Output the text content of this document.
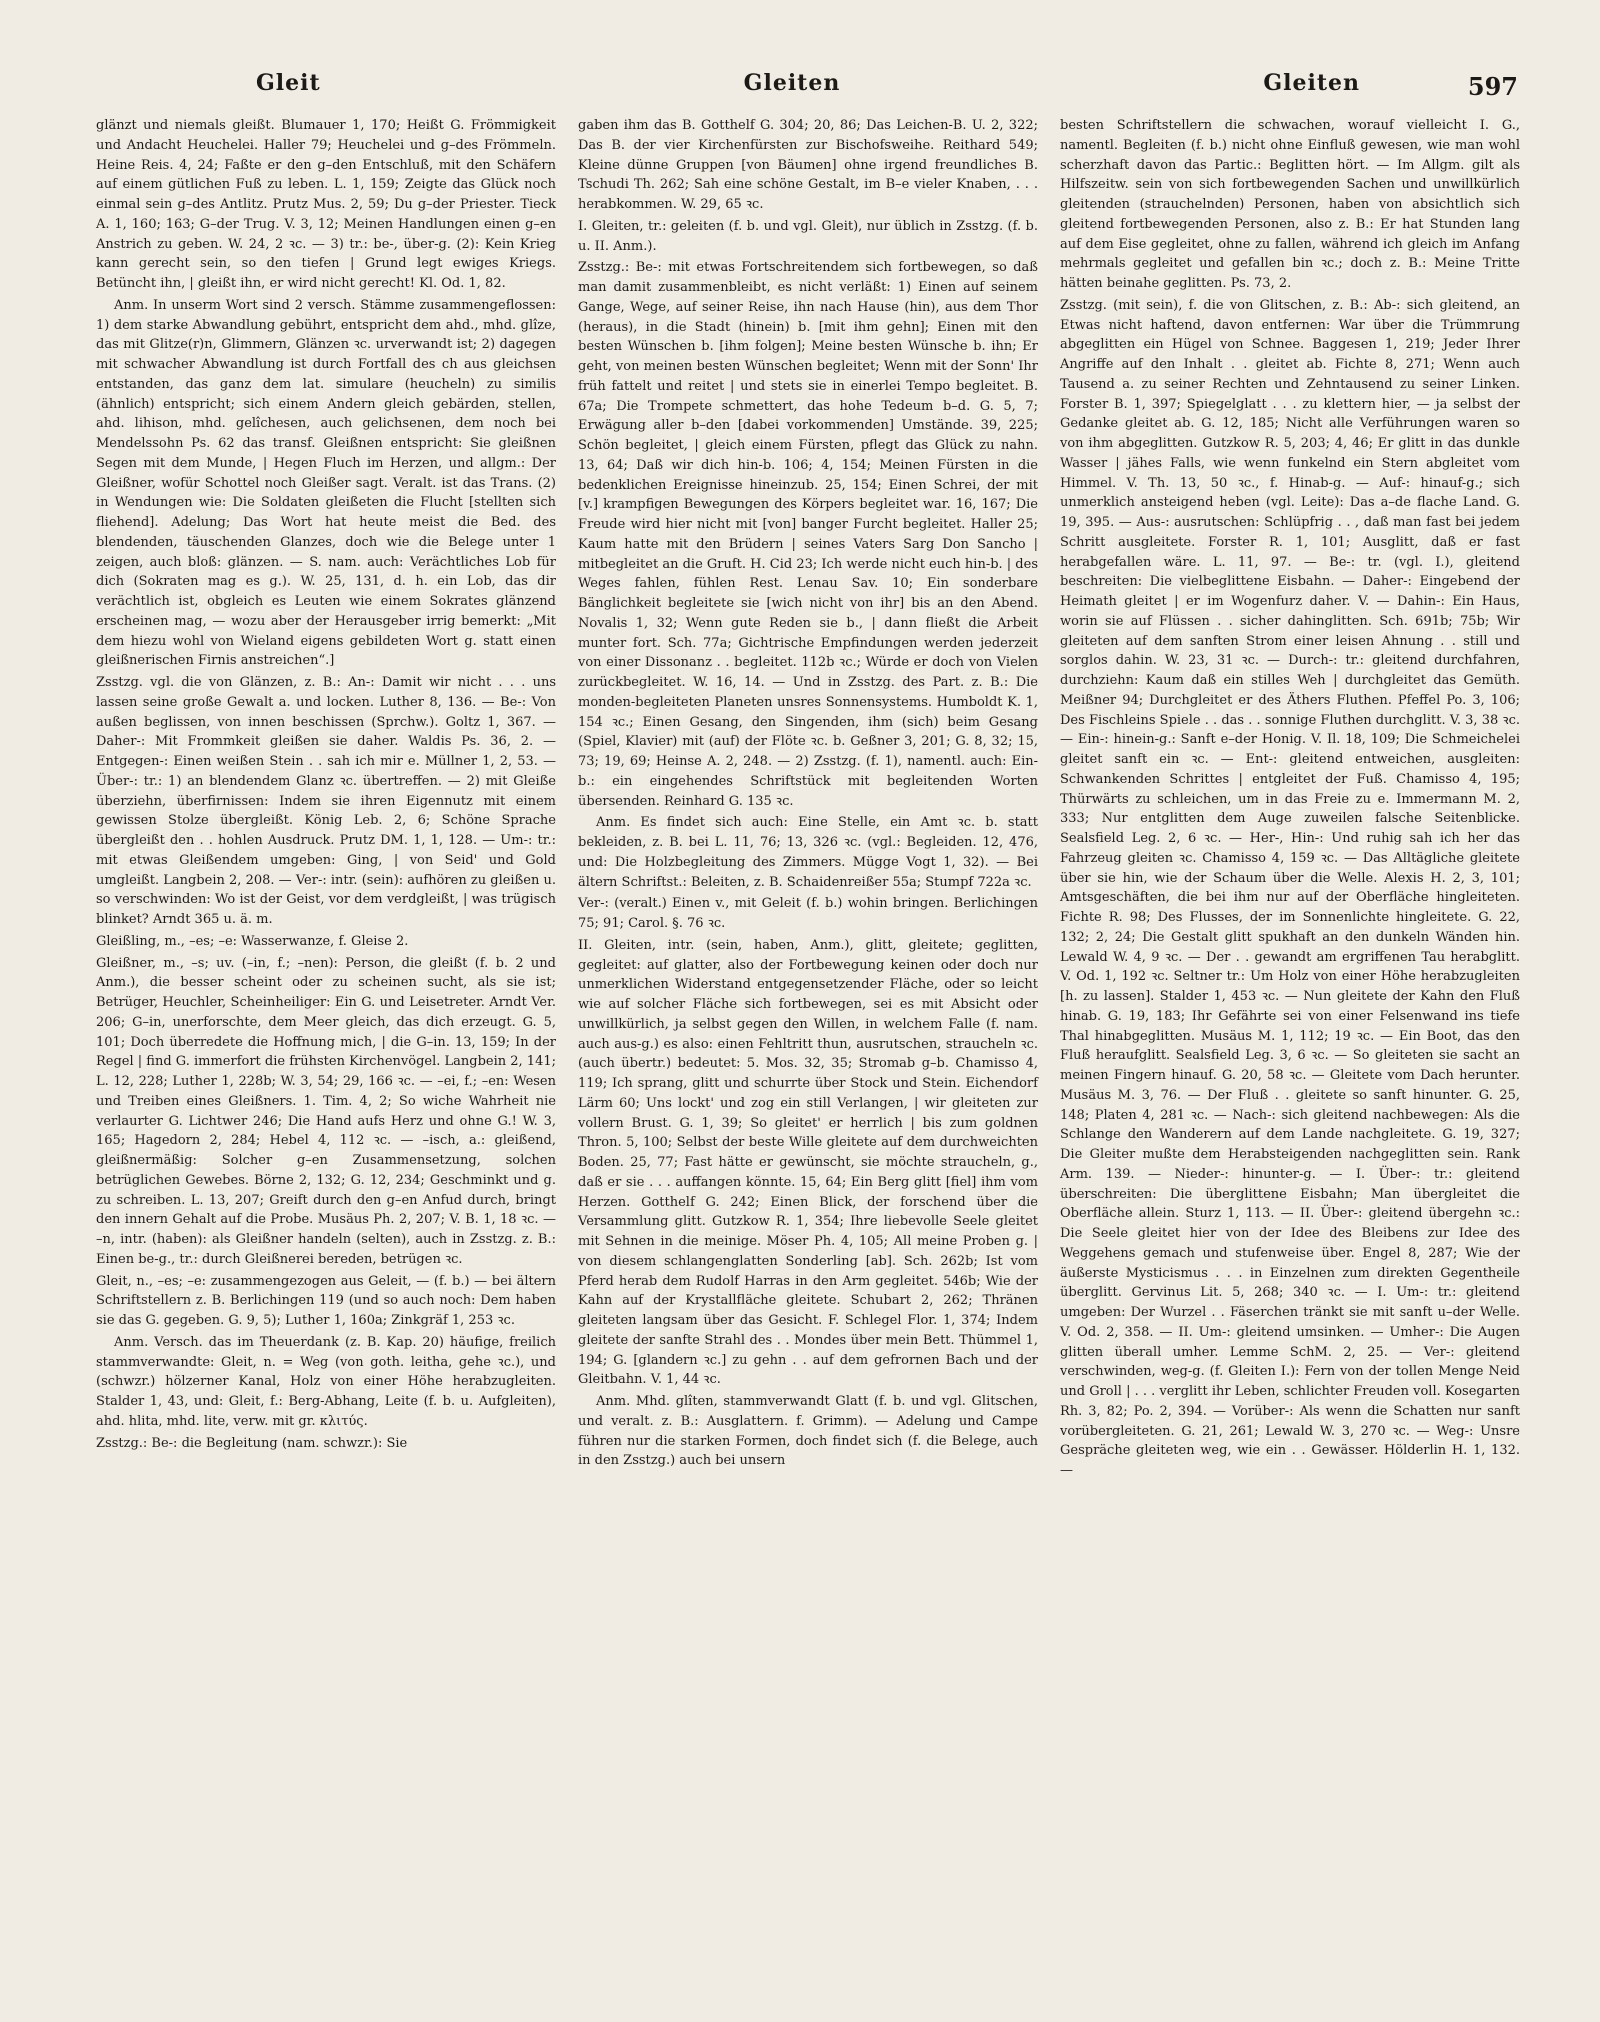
Gleit	Gleiten	Gleiten	597

glänzt und niemals gleißt. Blumauer 1, 170; Heißt G. Frömmigkeit und Andacht Heuchelei. Haller 79; Heuchelei und g–des Frömmeln. Heine Reis. 4, 24; Faßte er den g–den Entschluß, mit den Schäfern auf einem gütlichen Fuß zu leben. L. 1, 159; Zeigte das Glück noch einmal sein g–des Antlitz. Prutz Mus. 2, 59; Du g–der Priester. Tieck A. 1, 160; 163; G–der Trug. V. 3, 12; Meinen Handlungen einen g–en Anstrich zu geben. W. 24, 2 ꝛc. — 3) tr.: be-, über-g. (2): Kein Krieg kann gerecht sein, so den tiefen | Grund legt ewiges Kriegs. Betüncht ihn, | gleißt ihn, er wird nicht gerecht! Kl. Od. 1, 82.

Anm. In unserm Wort sind 2 versch. Stämme zusammengeflossen: 1) dem starke Abwandlung gebührt, entspricht dem ahd., mhd. glîze, das mit Glitze(r)n, Glimmern, Glänzen ꝛc. urverwandt ist; 2) dagegen mit schwacher Abwandlung ist durch Fortfall des ch aus gleichsen entstanden, das ganz dem lat. simulare (heucheln) zu similis (ähnlich) entspricht; sich einem Andern gleich gebärden, stellen, ahd. lihison, mhd. gelîchesen, auch gelichsenen, dem noch bei Mendelssohn Ps. 62 das transf. Gleißnen entspricht: Sie gleißnen Segen mit dem Munde, | Hegen Fluch im Herzen, und allgm.: Der Gleißner, wofür Schottel noch Gleißer sagt. Veralt. ist das Trans. (2) in Wendungen wie: Die Soldaten gleißeten die Flucht [stellten sich fliehend]. Adelung; Das Wort hat heute meist die Bed. des blendenden, täuschenden Glanzes, doch wie die Belege unter 1 zeigen, auch bloß: glänzen. — S. nam. auch: Verächtliches Lob für dich (Sokraten mag es g.). W. 25, 131, d. h. ein Lob, das dir verächtlich ist, obgleich es Leuten wie einem Sokrates glänzend erscheinen mag, — wozu aber der Herausgeber irrig bemerkt: „Mit dem hiezu wohl von Wieland eigens gebildeten Wort g. statt einen gleißnerischen Firnis anstreichen“.]

Zsstzg. vgl. die von Glänzen, z. B.: An-: Damit wir nicht . . . uns lassen seine große Gewalt a. und locken. Luther 8, 136. — Be-: Von außen beglissen, von innen beschissen (Sprchw.). Goltz 1, 367. — Daher-: Mit Frommkeit gleißen sie daher. Waldis Ps. 36, 2. — Entgegen-: Einen weißen Stein . . sah ich mir e. Müllner 1, 2, 53. — Über-: tr.: 1) an blendendem Glanz ꝛc. übertreffen. — 2) mit Gleiße überziehn, überfirnissen: Indem sie ihren Eigennutz mit einem gewissen Stolze übergleißt. König Leb. 2, 6; Schöne Sprache übergleißt den . . hohlen Ausdruck. Prutz DM. 1, 1, 128. — Um-: tr.: mit etwas Gleißendem umgeben: Ging, | von Seid' und Gold umgleißt. Langbein 2, 208. — Ver-: intr. (sein): aufhören zu gleißen u. so verschwinden: Wo ist der Geist, vor dem verdgleißt, | was trügisch blinket? Arndt 365 u. ä. m.

Gleißling, m., –es; –e: Wasserwanze, f. Gleise 2.

Gleißner, m., –s; uv. (–in, f.; –nen): Person, die gleißt (f. b. 2 und Anm.), die besser scheint oder zu scheinen sucht, als sie ist; Betrüger, Heuchler, Scheinheiliger: Ein G. und Leisetreter. Arndt Ver. 206; G–in, unerforschte, dem Meer gleich, das dich erzeugt. G. 5, 101; Doch überredete die Hoffnung mich, | die G–in. 13, 159; In der Regel | find G. immerfort die frühsten Kirchenvögel. Langbein 2, 141; L. 12, 228; Luther 1, 228b; W. 3, 54; 29, 166 ꝛc. — –ei, f.; –en: Wesen und Treiben eines Gleißners. 1. Tim. 4, 2; So wiche Wahrheit nie verlaurter G. Lichtwer 246; Die Hand aufs Herz und ohne G.! W. 3, 165; Hagedorn 2, 284; Hebel 4, 112 ꝛc. — –isch, a.: gleißend, gleißnermäßig: Solcher g–en Zusammensetzung, solchen betrüglichen Gewebes. Börne 2, 132; G. 12, 234; Geschminkt und g. zu schreiben. L. 13, 207; Greift durch den g–en Anfud durch, bringt den innern Gehalt auf die Probe. Musäus Ph. 2, 207; V. B. 1, 18 ꝛc. — –n, intr. (haben): als Gleißner handeln (selten), auch in Zsstzg. z. B.: Einen be-g., tr.: durch Gleißnerei bereden, betrügen ꝛc.

Gleit, n., –es; –e: zusammengezogen aus Geleit, — (f. b.) — bei ältern Schriftstellern z. B. Berlichingen 119 (und so auch noch: Dem haben sie das G. gegeben. G. 9, 5); Luther 1, 160a; Zinkgräf 1, 253 ꝛc.

Anm. Versch. das im Theuerdank (z. B. Kap. 20) häufige, freilich stammverwandte: Gleit, n. = Weg (von goth. leitha, gehe ꝛc.), und (schwzr.) hölzerner Kanal, Holz von einer Höhe herabzugleiten. Stalder 1, 43, und: Gleit, f.: Berg-Abhang, Leite (f. b. u. Aufgleiten), ahd. hlita, mhd. lite, verw. mit gr. κλιτύς.

Zsstzg.: Be-: die Begleitung (nam. schwzr.): Sie

gaben ihm das B. Gotthelf G. 304; 20, 86; Das Leichen-B. U. 2, 322; Das B. der vier Kirchenfürsten zur Bischofsweihe. Reithard 549; Kleine dünne Gruppen [von Bäumen] ohne irgend freundliches B. Tschudi Th. 262; Sah eine schöne Gestalt, im B–e vieler Knaben, . . . herabkommen. W. 29, 65 ꝛc.

I. Gleiten, tr.: geleiten (f. b. und vgl. Gleit), nur üblich in Zsstzg. (f. b. u. II. Anm.).

Zsstzg.: Be-: mit etwas Fortschreitendem sich fortbewegen, so daß man damit zusammenbleibt, es nicht verläßt: 1) Einen auf seinem Gange, Wege, auf seiner Reise, ihn nach Hause (hin), aus dem Thor (heraus), in die Stadt (hinein) b. [mit ihm gehn]; Einen mit den besten Wünschen b. [ihm folgen]; Meine besten Wünsche b. ihn; Er geht, von meinen besten Wünschen begleitet; Wenn mit der Sonn' Ihr früh fattelt und reitet | und stets sie in einerlei Tempo begleitet. B. 67a; Die Trompete schmettert, das hohe Tedeum b–d. G. 5, 7; Erwägung aller b–den [dabei vorkommenden] Umstände. 39, 225; Schön begleitet, | gleich einem Fürsten, pflegt das Glück zu nahn. 13, 64; Daß wir dich hin-b. 106; 4, 154; Meinen Fürsten in die bedenklichen Ereignisse hineinzub. 25, 154; Einen Schrei, der mit [v.] krampfigen Bewegungen des Körpers begleitet war. 16, 167; Die Freude wird hier nicht mit [von] banger Furcht begleitet. Haller 25; Kaum hatte mit den Brüdern | seines Vaters Sarg Don Sancho | mitbegleitet an die Gruft. H. Cid 23; Ich werde nicht euch hin-b. | des Weges fahlen, fühlen Rest. Lenau Sav. 10; Ein sonderbare Bänglichkeit begleitete sie [wich nicht von ihr] bis an den Abend. Novalis 1, 32; Wenn gute Reden sie b., | dann fließt die Arbeit munter fort. Sch. 77a; Gichtrische Empfindungen werden jederzeit von einer Dissonanz . . begleitet. 112b ꝛc.; Würde er doch von Vielen zurückbegleitet. W. 16, 14. — Und in Zsstzg. des Part. z. B.: Die monden-begleiteten Planeten unsres Sonnensystems. Humboldt K. 1, 154 ꝛc.; Einen Gesang, den Singenden, ihm (sich) beim Gesang (Spiel, Klavier) mit (auf) der Flöte ꝛc. b. Geßner 3, 201; G. 8, 32; 15, 73; 19, 69; Heinse A. 2, 248. — 2) Zsstzg. (f. 1), namentl. auch: Ein-b.: ein eingehendes Schriftstück mit begleitenden Worten übersenden. Reinhard G. 135 ꝛc.

Anm. Es findet sich auch: Eine Stelle, ein Amt ꝛc. b. statt bekleiden, z. B. bei L. 11, 76; 13, 326 ꝛc. (vgl.: Begleiden. 12, 476, und: Die Holzbegleitung des Zimmers. Mügge Vogt 1, 32). — Bei ältern Schriftst.: Beleiten, z. B. Schaidenreißer 55a; Stumpf 722a ꝛc.

Ver-: (veralt.) Einen v., mit Geleit (f. b.) wohin bringen. Berlichingen 75; 91; Carol. §. 76 ꝛc.

II. Gleiten, intr. (sein, haben, Anm.), glitt, gleitete; geglitten, gegleitet: auf glatter, also der Fortbewegung keinen oder doch nur unmerklichen Widerstand entgegensetzender Fläche, oder so leicht wie auf solcher Fläche sich fortbewegen, sei es mit Absicht oder unwillkürlich, ja selbst gegen den Willen, in welchem Falle (f. nam. auch aus-g.) es also: einen Fehltritt thun, ausrutschen, straucheln ꝛc. (auch übertr.) bedeutet: 5. Mos. 32, 35; Stromab g–b. Chamisso 4, 119; Ich sprang, glitt und schurrte über Stock und Stein. Eichendorf Lärm 60; Uns lockt' und zog ein still Verlangen, | wir gleiteten zur vollern Brust. G. 1, 39; So gleitet' er herrlich | bis zum goldnen Thron. 5, 100; Selbst der beste Wille gleitete auf dem durchweichten Boden. 25, 77; Fast hätte er gewünscht, sie möchte straucheln, g., daß er sie . . . auffangen könnte. 15, 64; Ein Berg glitt [fiel] ihm vom Herzen. Gotthelf G. 242; Einen Blick, der forschend über die Versammlung glitt. Gutzkow R. 1, 354; Ihre liebevolle Seele gleitet mit Sehnen in die meinige. Möser Ph. 4, 105; All meine Proben g. | von diesem schlangenglatten Sonderling [ab]. Sch. 262b; Ist vom Pferd herab dem Rudolf Harras in den Arm gegleitet. 546b; Wie der Kahn auf der Krystallfläche gleitete. Schubart 2, 262; Thränen gleiteten langsam über das Gesicht. F. Schlegel Flor. 1, 374; Indem gleitete der sanfte Strahl des . . Mondes über mein Bett. Thümmel 1, 194; G. [glandern ꝛc.] zu gehn . . auf dem gefrornen Bach und der Gleitbahn. V. 1, 44 ꝛc.

Anm. Mhd. glîten, stammverwandt Glatt (f. b. und vgl. Glitschen, und veralt. z. B.: Ausglattern. f. Grimm). — Adelung und Campe führen nur die starken Formen, doch findet sich (f. die Belege, auch in den Zsstzg.) auch bei unsern

besten Schriftstellern die schwachen, worauf vielleicht I. G., namentl. Begleiten (f. b.) nicht ohne Einfluß gewesen, wie man wohl scherzhaft davon das Partic.: Beglitten hört. — Im Allgm. gilt als Hilfszeitw. sein von sich fortbewegenden Sachen und unwillkürlich gleitenden (strauchelnden) Personen, haben von absichtlich sich gleitend fortbewegenden Personen, also z. B.: Er hat Stunden lang auf dem Eise gegleitet, ohne zu fallen, während ich gleich im Anfang mehrmals gegleitet und gefallen bin ꝛc.; doch z. B.: Meine Tritte hätten beinahe geglitten. Ps. 73, 2.

Zsstzg. (mit sein), f. die von Glitschen, z. B.: Ab-: sich gleitend, an Etwas nicht haftend, davon entfernen: War über die Trümmrung abgeglitten ein Hügel von Schnee. Baggesen 1, 219; Jeder Ihrer Angriffe auf den Inhalt . . gleitet ab. Fichte 8, 271; Wenn auch Tausend a. zu seiner Rechten und Zehntausend zu seiner Linken. Forster B. 1, 397; Spiegelglatt . . . zu klettern hier, — ja selbst der Gedanke gleitet ab. G. 12, 185; Nicht alle Verführungen waren so von ihm abgeglitten. Gutzkow R. 5, 203; 4, 46; Er glitt in das dunkle Wasser | jähes Falls, wie wenn funkelnd ein Stern abgleitet vom Himmel. V. Th. 13, 50 ꝛc., f. Hinab-g. — Auf-: hinauf-g.; sich unmerklich ansteigend heben (vgl. Leite): Das a–de flache Land. G. 19, 395. — Aus-: ausrutschen: Schlüpfrig . . , daß man fast bei jedem Schritt ausgleitete. Forster R. 1, 101; Ausglitt, daß er fast herabgefallen wäre. L. 11, 97. — Be-: tr. (vgl. I.), gleitend beschreiten: Die vielbeglittene Eisbahn. — Daher-: Eingebend der Heimath gleitet | er im Wogenfurz daher. V. — Dahin-: Ein Haus, worin sie auf Flüssen . . sicher dahinglitten. Sch. 691b; 75b; Wir gleiteten auf dem sanften Strom einer leisen Ahnung . . still und sorglos dahin. W. 23, 31 ꝛc. — Durch-: tr.: gleitend durchfahren, durchziehn: Kaum daß ein stilles Weh | durchgleitet das Gemüth. Meißner 94; Durchgleitet er des Äthers Fluthen. Pfeffel Po. 3, 106; Des Fischleins Spiele . . das . . sonnige Fluthen durchglitt. V. 3, 38 ꝛc. — Ein-: hinein-g.: Sanft e–der Honig. V. Il. 18, 109; Die Schmeichelei gleitet sanft ein ꝛc. — Ent-: gleitend entweichen, ausgleiten: Schwankenden Schrittes | entgleitet der Fuß. Chamisso 4, 195; Thürwärts zu schleichen, um in das Freie zu e. Immermann M. 2, 333; Nur entglitten dem Auge zuweilen falsche Seitenblicke. Sealsfield Leg. 2, 6 ꝛc. — Her-, Hin-: Und ruhig sah ich her das Fahrzeug gleiten ꝛc. Chamisso 4, 159 ꝛc. — Das Alltägliche gleitete über sie hin, wie der Schaum über die Welle. Alexis H. 2, 3, 101; Amtsgeschäften, die bei ihm nur auf der Oberfläche hinglеiteten. Fichte R. 98; Des Flusses, der im Sonnenlichte hingleitete. G. 22, 132; 2, 24; Die Gestalt glitt spukhaft an den dunkeln Wänden hin. Lewald W. 4, 9 ꝛc. — Der . . gewandt am ergriffenen Tau herabglitt. V. Od. 1, 192 ꝛc. Seltner tr.: Um Holz von einer Höhe herabzugleiten [h. zu lassen]. Stalder 1, 453 ꝛc. — Nun gleitete der Kahn den Fluß hinab. G. 19, 183; Ihr Gefährte sei von einer Felsenwand ins tiefe Thal hinabgeglitten. Musäus M. 1, 112; 19 ꝛc. — Ein Boot, das den Fluß heraufglitt. Sealsfield Leg. 3, 6 ꝛc. — So gleiteten sie sacht an meinen Fingern hinauf. G. 20, 58 ꝛc. — Gleitete vom Dach herunter. Musäus M. 3, 76. — Der Fluß . . gleitete so sanft hinunter. G. 25, 148; Platen 4, 281 ꝛc. — Nach-: sich gleitend nachbewegen: Als die Schlange den Wanderern auf dem Lande nachgleitete. G. 19, 327; Die Gleiter mußte dem Herabsteigenden nachgeglitten sein. Rank Arm. 139. — Nieder-: hinunter-g. — I. Über-: tr.: gleitend überschreiten: Die überglittene Eisbahn; Man überglеitet die Oberfläche allein. Sturz 1, 113. — II. Über-: gleitend übergehn ꝛc.: Die Seele gleitet hier von der Idee des Bleibens zur Idee des Weggehens gemach und stufenweise über. Engel 8, 287; Wie der äußerste Mysticismus . . . in Einzelnen zum direkten Gegentheile überglitt. Gervinus Lit. 5, 268; 340 ꝛc. — I. Um-: tr.: gleitend umgeben: Der Wurzel . . Fäserchen tränkt sie mit sanft u–der Welle. V. Od. 2, 358. — II. Um-: gleitend umsinken. — Umher-: Die Augen glitten überall umher. Lemme SchM. 2, 25. — Ver-: gleitend verschwinden, weg-g. (f. Gleiten I.): Fern von der tollen Menge Neid und Groll | . . . verglitt ihr Leben, schlichter Freuden voll. Kosegarten Rh. 3, 82; Po. 2, 394. — Vorüber-: Als wenn die Schatten nur sanft vorübergleiteten. G. 21, 261; Lewald W. 3, 270 ꝛc. — Weg-: Unsre Gespräche gleiteten weg, wie ein . . Gewässer. Hölderlin H. 1, 132. —
